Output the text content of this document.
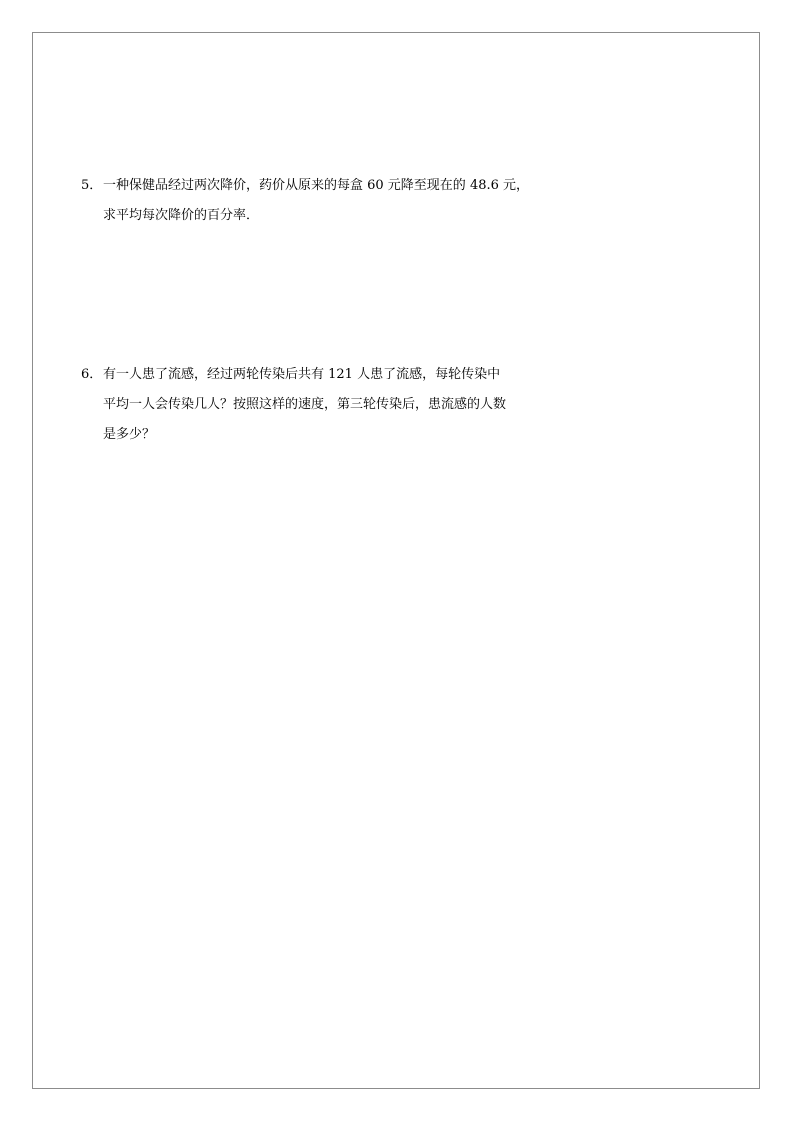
5．一种保健品经过两次降价，药价从原来的每盒 60 元降至现在的 48.6 元，
求平均每次降价的百分率．
6．有一人患了流感，经过两轮传染后共有 121 人患了流感，每轮传染中
平均一人会传染几人？按照这样的速度，第三轮传染后，患流感的人数
是多少？
